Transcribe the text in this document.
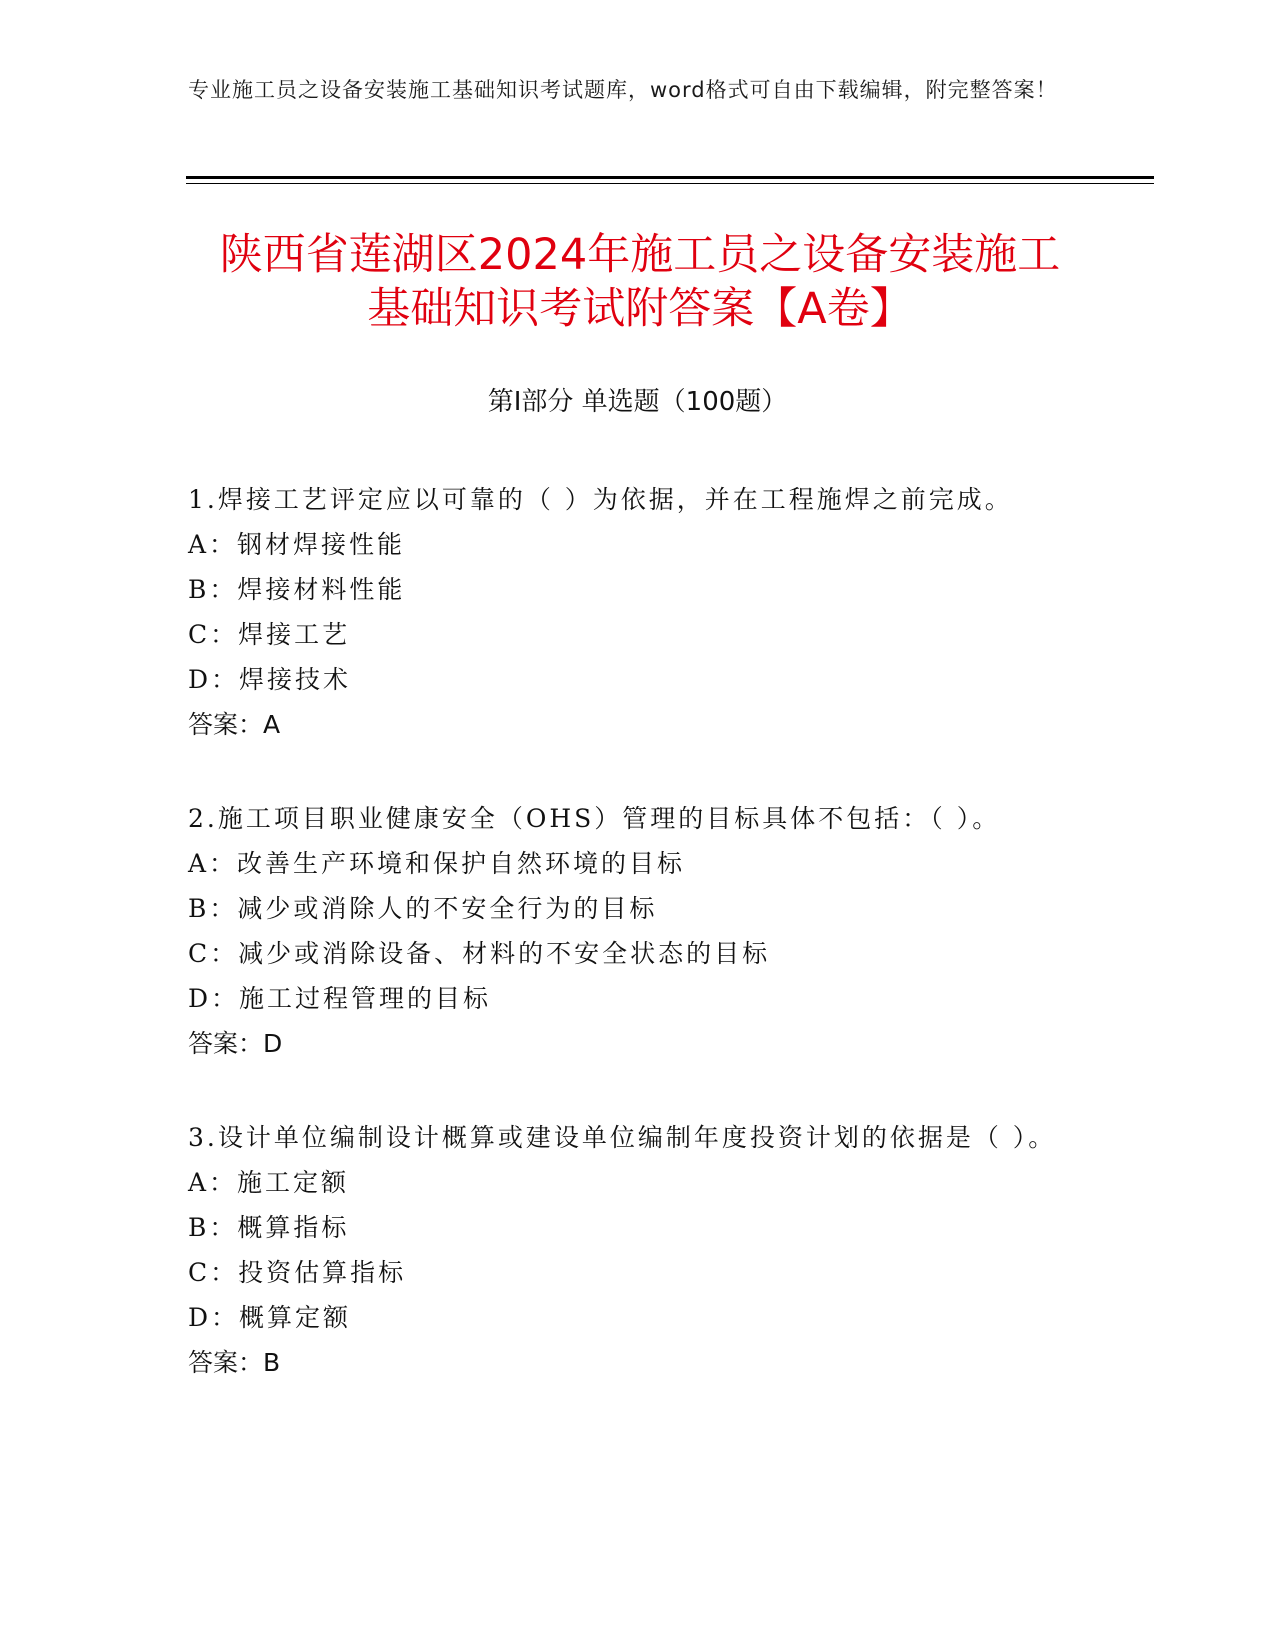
专业施工员之设备安装施工基础知识考试题库，word格式可自由下载编辑，附完整答案！
陕西省莲湖区2024年施工员之设备安装施工
基础知识考试附答案【A卷】
第I部分 单选题（100题）
1.焊接工艺评定应以可靠的（ ）为依据，并在工程施焊之前完成。
A：钢材焊接性能
B：焊接材料性能
C：焊接工艺
D：焊接技术
答案：A
2.施工项目职业健康安全（OHS）管理的目标具体不包括：（ ）。
A：改善生产环境和保护自然环境的目标
B：减少或消除人的不安全行为的目标
C：减少或消除设备、材料的不安全状态的目标
D：施工过程管理的目标
答案：D
3.设计单位编制设计概算或建设单位编制年度投资计划的依据是（ ）。
A：施工定额
B：概算指标
C：投资估算指标
D：概算定额
答案：B
